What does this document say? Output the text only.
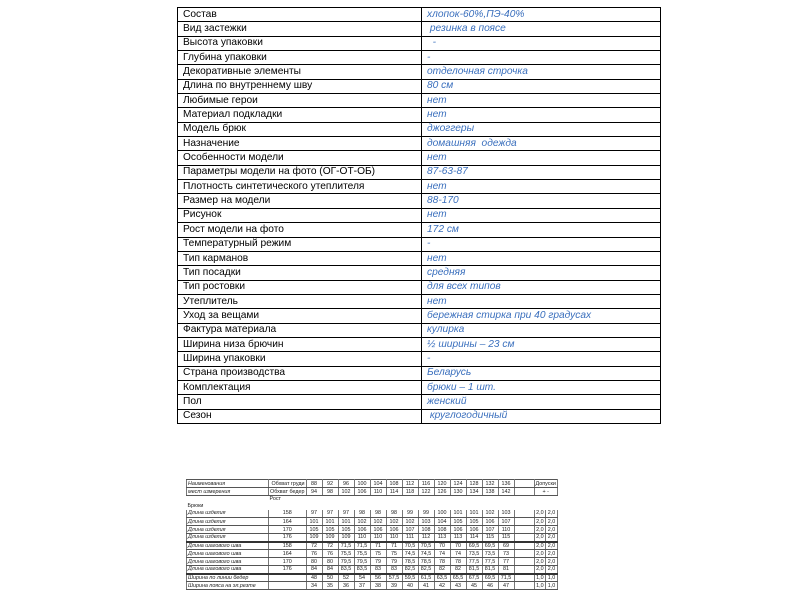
Состав	хлопок-60%,ПЭ-40%
Вид застежки	резинка в поясе
Высота упаковки	-
Глубина упаковки	-
Декоративные элементы	отделочная строчка
Длина по внутреннему шву	80 см
Любимые герои	нет
Материал подкладки	нет
Модель брюк	джоггеры
Назначение	домашняя  одежда
Особенности модели	нет
Параметры модели на фото (ОГ-ОТ-ОБ)	87-63-87
Плотность синтетического утеплителя	нет
Размер на модели	88-170
Рисунок	нет
Рост модели на фото	172 см
Температурный режим	-
Тип карманов	нет
Тип посадки	средняя
Тип ростовки	для всех типов
Утеплитель	нет
Уход за вещами	бережная стирка при 40 градусах
Фактура материала	кулирка
Ширина низа брючин	½ ширины – 23 см
Ширина упаковки	-
Страна производства	Беларусь
Комплектация	брюки – 1 шт.
Пол	женский
Сезон	круглогодичный
Наименования	Обхват груди	88	92	96	100	104	108	112	116	120	124	128	132	136		Допуски	
мест измерения	Обхват бедер	94	98	102	106	110	114	118	122	126	130	134	138	142		+ -	
	Рост																
Брюки																	
Длина изделия	158	97	97	97	98	98	98	99	99	100	101	101	102	103		2,0	2,0
Длина изделия	164	101	101	101	102	102	102	102	103	104	105	105	106	107		2,0	2,0
Длина изделия	170	105	105	105	106	106	106	107	108	108	106	106	107	110		2,0	2,0
Длина изделия	176	109	109	109	110	110	110	111	112	113	113	114	115	115		2,0	2,0
Длина шагового шва	158	72	72	71,5	71,5	71	71	70,5	70,5	70	70	69,5	69,5	69		2,0	2,0
Длина шагового шва	164	76	76	75,5	75,5	75	75	74,5	74,5	74	74	73,5	73,5	73		2,0	2,0
Длина шагового шва	170	80	80	79,5	79,5	79	79	78,5	78,5	78	78	77,5	77,5	77		2,0	2,0
Длина шагового шва	176	84	84	83,5	83,5	83	83	82,5	82,5	82	82	81,5	81,5	81		2,0	2,0
Ширина по линии бедер		48	50	52	54	56	57,5	59,5	61,5	63,5	65,5	67,5	69,5	71,5		1,0	1,0
Ширина пояса на эл.резте		34	35	36	37	38	39	40	41	42	43	45	46	47		1,0	1,0
